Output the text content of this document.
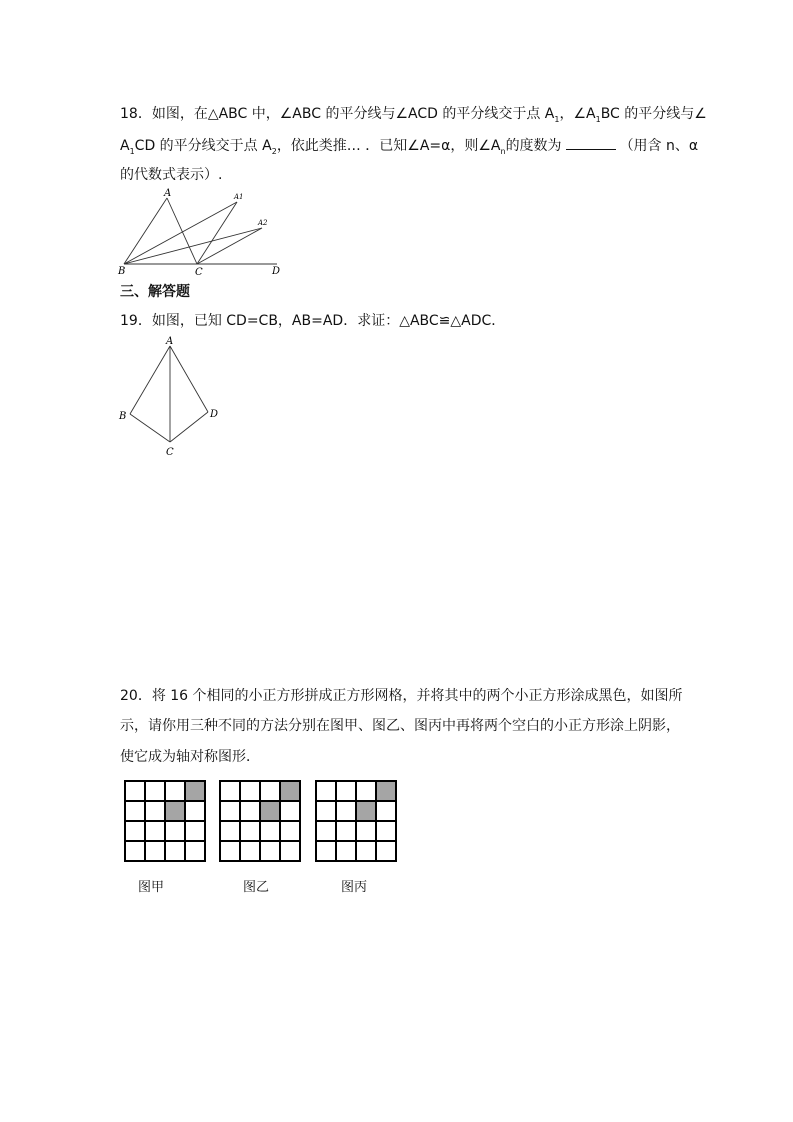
18．如图，在△ABC 中，∠ABC 的平分线与∠ACD 的平分线交于点 $A_1$，$\angle A_1BC$ 的平分线与∠
$A_1CD$ 的平分线交于点 $A_2$，依此类推… ．已知∠A=α，则$\angle A_n$的度数为	（用含 n、α
的代数式表示）.
A	A1
A2
B	C	D
三、解答题
19．如图，已知 CD=CB，AB=AD．求证：△ABC≌△ADC．
A
B
C
D
20．将 16 个相同的小正方形拼成正方形网格，并将其中的两个小正方形涂成黑色，如图所
示，请你用三种不同的方法分别在图甲、图乙、图丙中再将两个空白的小正方形涂上阴影，
使它成为轴对称图形．
图甲	图乙	图丙
